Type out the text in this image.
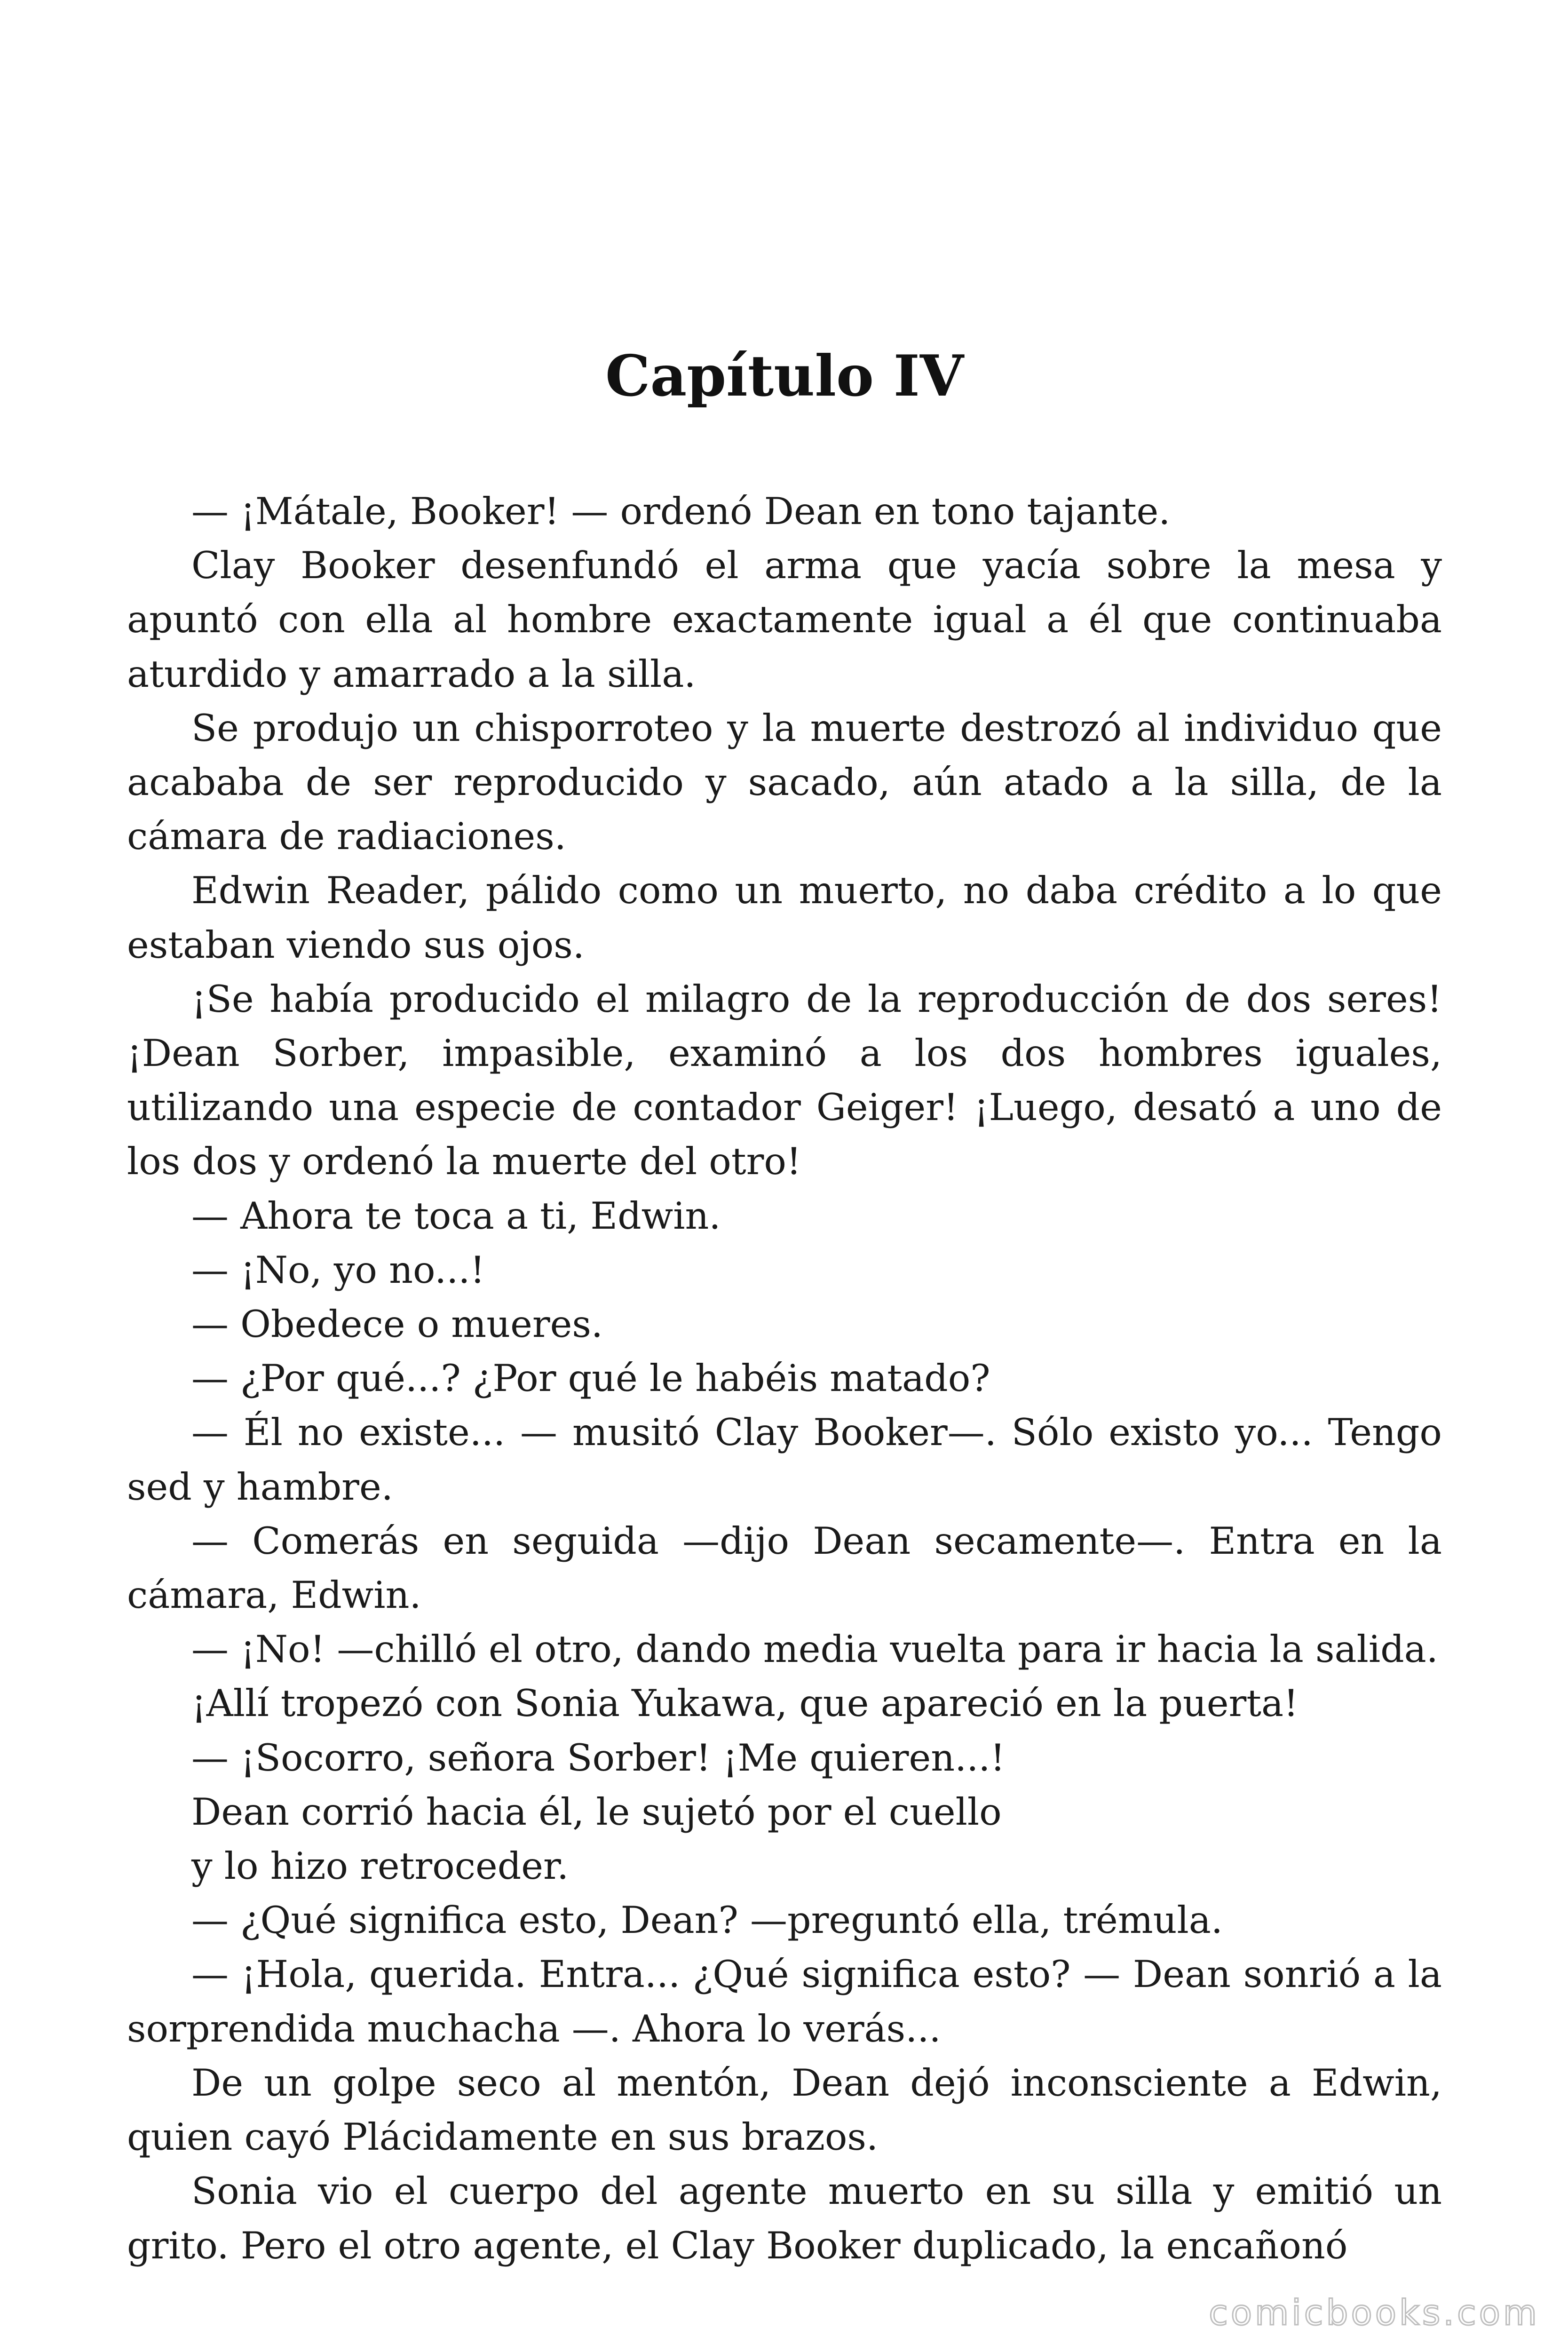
Capítulo IV

— ¡Mátale, Booker! — ordenó Dean en tono tajante.

Clay Booker desenfundó el arma que yacía sobre la mesa y apuntó con ella al hombre exactamente igual a él que continuaba aturdido y amarrado a la silla.

Se produjo un chisporroteo y la muerte destrozó al individuo que acababa de ser reproducido y sacado, aún atado a la silla, de la cámara de radiaciones.

Edwin Reader, pálido como un muerto, no daba crédito a lo que estaban viendo sus ojos.

¡Se había producido el milagro de la reproducción de dos seres! ¡Dean Sorber, impasible, examinó a los dos hombres iguales, utilizando una especie de contador Geiger! ¡Luego, desató a uno de los dos y ordenó la muerte del otro!

— Ahora te toca a ti, Edwin.

— ¡No, yo no...!

— Obedece o mueres.

— ¿Por qué...? ¿Por qué le habéis matado?

— Él no existe... — musitó Clay Booker—. Sólo existo yo... Tengo sed y hambre.

— Comerás en seguida —dijo Dean secamente—. Entra en la cámara, Edwin.

— ¡No! —chilló el otro, dando media vuelta para ir hacia la salida.

¡Allí tropezó con Sonia Yukawa, que apareció en la puerta!

— ¡Socorro, señora Sorber! ¡Me quieren...!

Dean corrió hacia él, le sujetó por el cuello

y lo hizo retroceder.

— ¿Qué significa esto, Dean? —preguntó ella, trémula.

— ¡Hola, querida. Entra... ¿Qué significa esto? — Dean sonrió a la sorprendida muchacha —. Ahora lo verás...

De un golpe seco al mentón, Dean dejó inconsciente a Edwin, quien cayó Plácidamente en sus brazos.

Sonia vio el cuerpo del agente muerto en su silla y emitió un grito. Pero el otro agente, el Clay Booker duplicado, la encañonó

comicbooks.com
